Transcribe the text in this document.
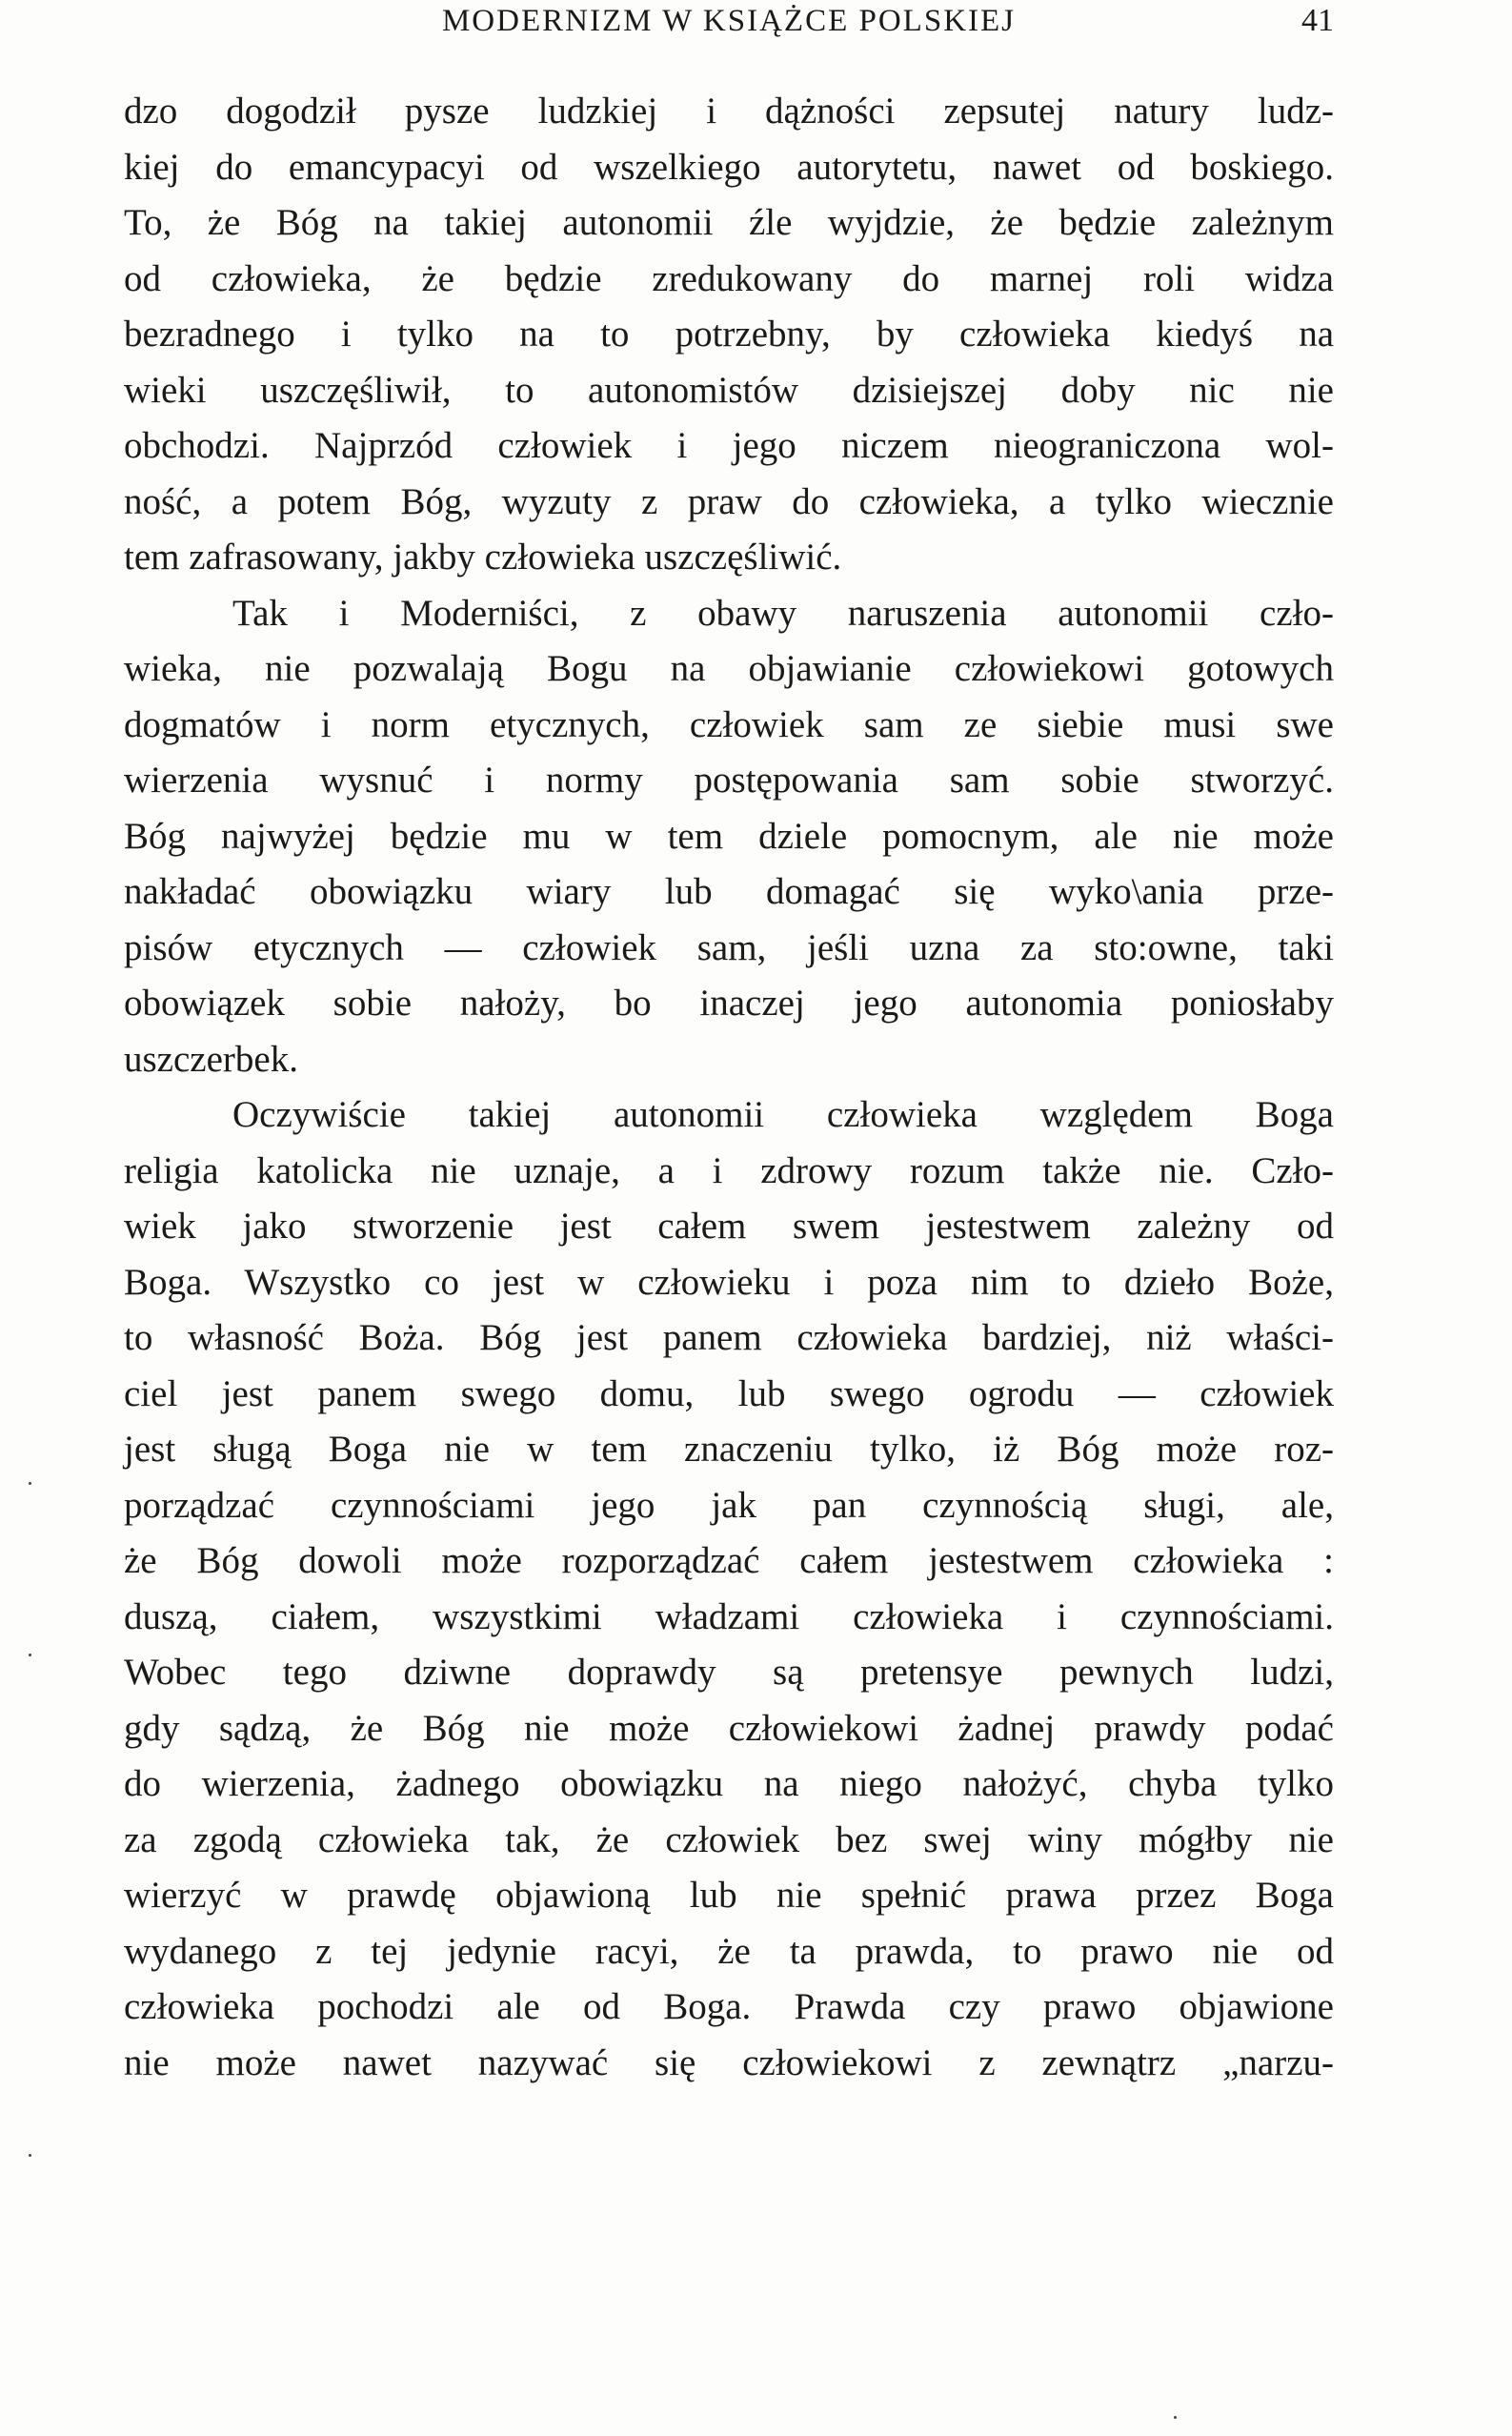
MODERNIZM W KSIĄŻCE POLSKIEJ	41
dzo dogodził pysze ludzkiej i dążności zepsutej natury ludz-
kiej do emancypacyi od wszelkiego autorytetu, nawet od boskiego.
To, że Bóg na takiej autonomii źle wyjdzie, że będzie zależnym
od człowieka, że będzie zredukowany do marnej roli widza
bezradnego i tylko na to potrzebny, by człowieka kiedyś na
wieki uszczęśliwił, to autonomistów dzisiejszej doby nic nie
obchodzi. Najprzód człowiek i jego niczem nieograniczona wol-
ność, a potem Bóg, wyzuty z praw do człowieka, a tylko wiecznie
tem zafrasowany, jakby człowieka uszczęśliwić.
Tak i Moderniści, z obawy naruszenia autonomii czło-
wieka, nie pozwalają Bogu na objawianie człowiekowi gotowych
dogmatów i norm etycznych, człowiek sam ze siebie musi swe
wierzenia wysnuć i normy postępowania sam sobie stworzyć.
Bóg najwyżej będzie mu w tem dziele pomocnym, ale nie może
nakładać obowiązku wiary lub domagać się wyko\ania prze-
pisów etycznych — człowiek sam, jeśli uzna za sto:owne, taki
obowiązek sobie nałoży, bo inaczej jego autonomia poniosłaby
uszczerbek.
Oczywiście takiej autonomii człowieka względem Boga
religia katolicka nie uznaje, a i zdrowy rozum także nie. Czło-
wiek jako stworzenie jest całem swem jestestwem zależny od
Boga. Wszystko co jest w człowieku i poza nim to dzieło Boże,
to własność Boża. Bóg jest panem człowieka bardziej, niż właści-
ciel jest panem swego domu, lub swego ogrodu — człowiek
jest sługą Boga nie w tem znaczeniu tylko, iż Bóg może roz-
porządzać czynnościami jego jak pan czynnością sługi, ale,
że Bóg dowoli może rozporządzać całem jestestwem człowieka :
duszą, ciałem, wszystkimi władzami człowieka i czynnościami.
Wobec tego dziwne doprawdy są pretensye pewnych ludzi,
gdy sądzą, że Bóg nie może człowiekowi żadnej prawdy podać
do wierzenia, żadnego obowiązku na niego nałożyć, chyba tylko
za zgodą człowieka tak, że człowiek bez swej winy mógłby nie
wierzyć w prawdę objawioną lub nie spełnić prawa przez Boga
wydanego z tej jedynie racyi, że ta prawda, to prawo nie od
człowieka pochodzi ale od Boga. Prawda czy prawo objawione
nie może nawet nazywać się człowiekowi z zewnątrz „narzu-
